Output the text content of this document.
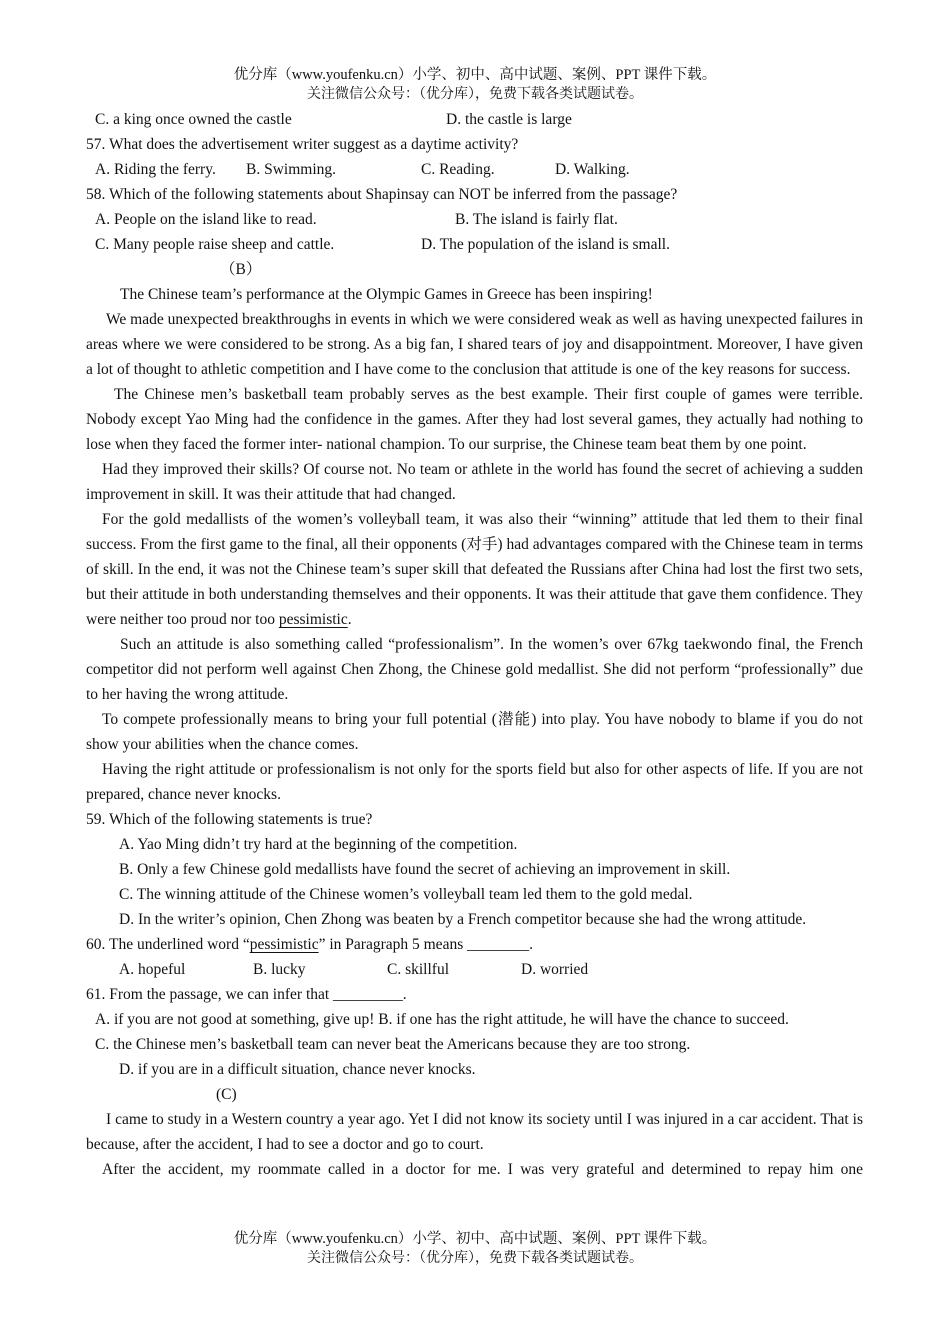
优分库（www.youfenku.cn）小学、初中、高中试题、案例、PPT 课件下载。
关注微信公众号：（优分库），免费下载各类试题试卷。
C. a king once owned the castle	D. the castle is large

57. What does the advertisement writer suggest as a daytime activity?

A. Riding the ferry.	B. Swimming.	C. Reading.	D. Walking.

58. Which of the following statements about Shapinsay can NOT be inferred from the passage?

A. People on the island like to read.	B. The island is fairly flat.
C. Many people raise sheep and cattle.	D. The population of the island is small.

（B）

The Chinese team’s performance at the Olympic Games in Greece has been inspiring!

We made unexpected breakthroughs in events in which we were considered weak as well as having unexpected failures in areas where we were considered to be strong. As a big fan, I shared tears of joy and disappointment. Moreover, I have given a lot of thought to athletic competition and I have come to the conclusion that attitude is one of the key reasons for success.

The Chinese men’s basketball team probably serves as the best example. Their first couple of games were terrible. Nobody except Yao Ming had the confidence in the games. After they had lost several games, they actually had nothing to lose when they faced the former inter- national champion. To our surprise, the Chinese team beat them by one point.

Had they improved their skills? Of course not. No team or athlete in the world has found the secret of achieving a sudden improvement in skill. It was their attitude that had changed.

For the gold medallists of the women’s volleyball team, it was also their “winning” attitude that led them to their final success. From the first game to the final, all their opponents (对手) had advantages compared with the Chinese team in terms of skill. In the end, it was not the Chinese team’s super skill that defeated the Russians after China had lost the first two sets, but their attitude in both understanding themselves and their opponents. It was their attitude that gave them confidence. They were neither too proud nor too pessimistic.

Such an attitude is also something called “professionalism”. In the women’s over 67kg taekwondo final, the French competitor did not perform well against Chen Zhong, the Chinese gold medallist. She did not perform “professionally” due to her having the wrong attitude.

To compete professionally means to bring your full potential (潜能) into play. You have nobody to blame if you do not show your abilities when the chance comes.

Having the right attitude or professionalism is not only for the sports field but also for other aspects of life. If you are not prepared, chance never knocks.

59. Which of the following statements is true?

A. Yao Ming didn’t try hard at the beginning of the competition.

B. Only a few Chinese gold medallists have found the secret of achieving an improvement in skill.

C. The winning attitude of the Chinese women’s volleyball team led them to the gold medal.

D. In the writer’s opinion, Chen Zhong was beaten by a French competitor because she had the wrong attitude.

60. The underlined word “pessimistic” in Paragraph 5 means ________.

A. hopeful	B. lucky	C. skillful	D. worried

61. From the passage, we can infer that _________.

A. if you are not good at something, give up! B. if one has the right attitude, he will have the chance to succeed.

C. the Chinese men’s basketball team can never beat the Americans because they are too strong.

D. if you are in a difficult situation, chance never knocks.

(C)

I came to study in a Western country a year ago. Yet I did not know its society until I was injured in a car accident. That is because, after the accident, I had to see a doctor and go to court.

After the accident, my roommate called in a doctor for me. I was very grateful and determined to repay him one

优分库（www.youfenku.cn）小学、初中、高中试题、案例、PPT 课件下载。
关注微信公众号：（优分库），免费下载各类试题试卷。
